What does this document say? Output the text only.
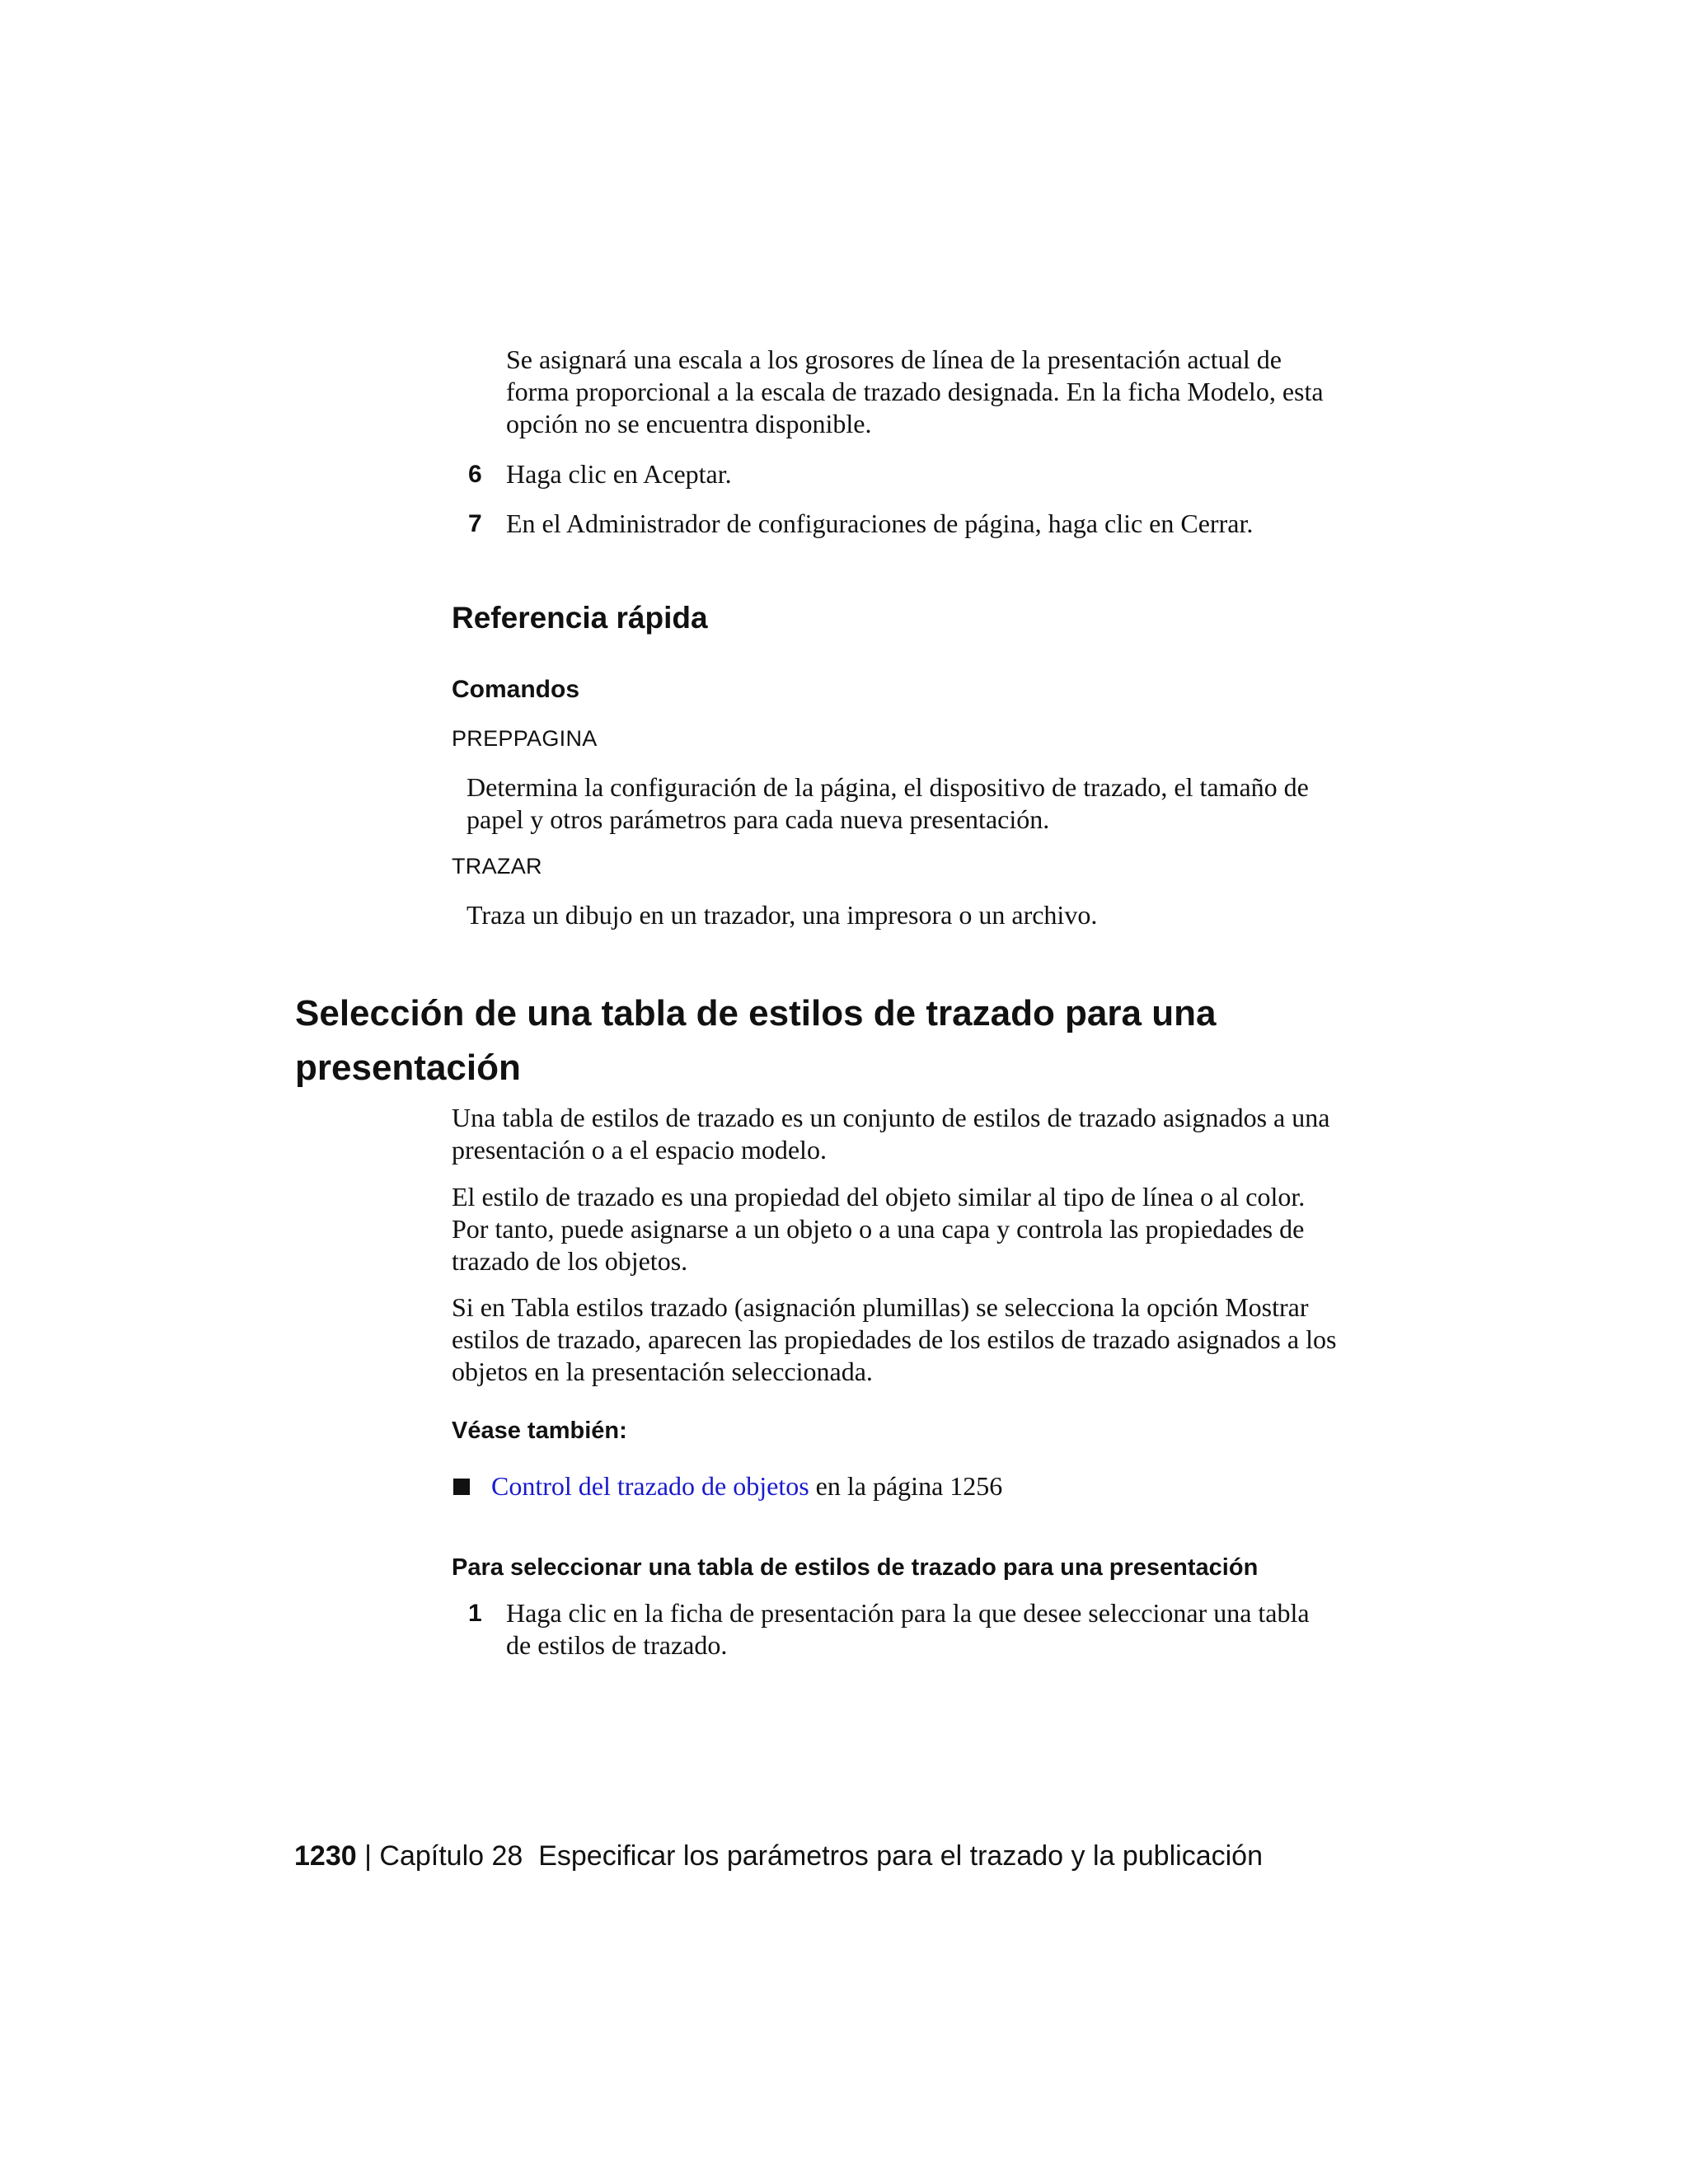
Se asignará una escala a los grosores de línea de la presentación actual de forma proporcional a la escala de trazado designada. En la ficha Modelo, esta opción no se encuentra disponible.

6 Haga clic en Aceptar.
7 En el Administrador de configuraciones de página, haga clic en Cerrar.
Referencia rápida
Comandos
PREPPAGINA

Determina la configuración de la página, el dispositivo de trazado, el tamaño de papel y otros parámetros para cada nueva presentación.

TRAZAR

Traza un dibujo en un trazador, una impresora o un archivo.

Selección de una tabla de estilos de trazado para una
presentación

Una tabla de estilos de trazado es un conjunto de estilos de trazado asignados a una presentación o a el espacio modelo.

El estilo de trazado es una propiedad del objeto similar al tipo de línea o al color. Por tanto, puede asignarse a un objeto o a una capa y controla las propiedades de trazado de los objetos.

Si en Tabla estilos trazado (asignación plumillas) se selecciona la opción Mostrar estilos de trazado, aparecen las propiedades de los estilos de trazado asignados a los objetos en la presentación seleccionada.

Véase también:
Control del trazado de objetos en la página 1256
Para seleccionar una tabla de estilos de trazado para una presentación
1 Haga clic en la ficha de presentación para la que desee seleccionar una tabla de estilos de trazado.

1230 | Capítulo 28 Especificar los parámetros para el trazado y la publicación
